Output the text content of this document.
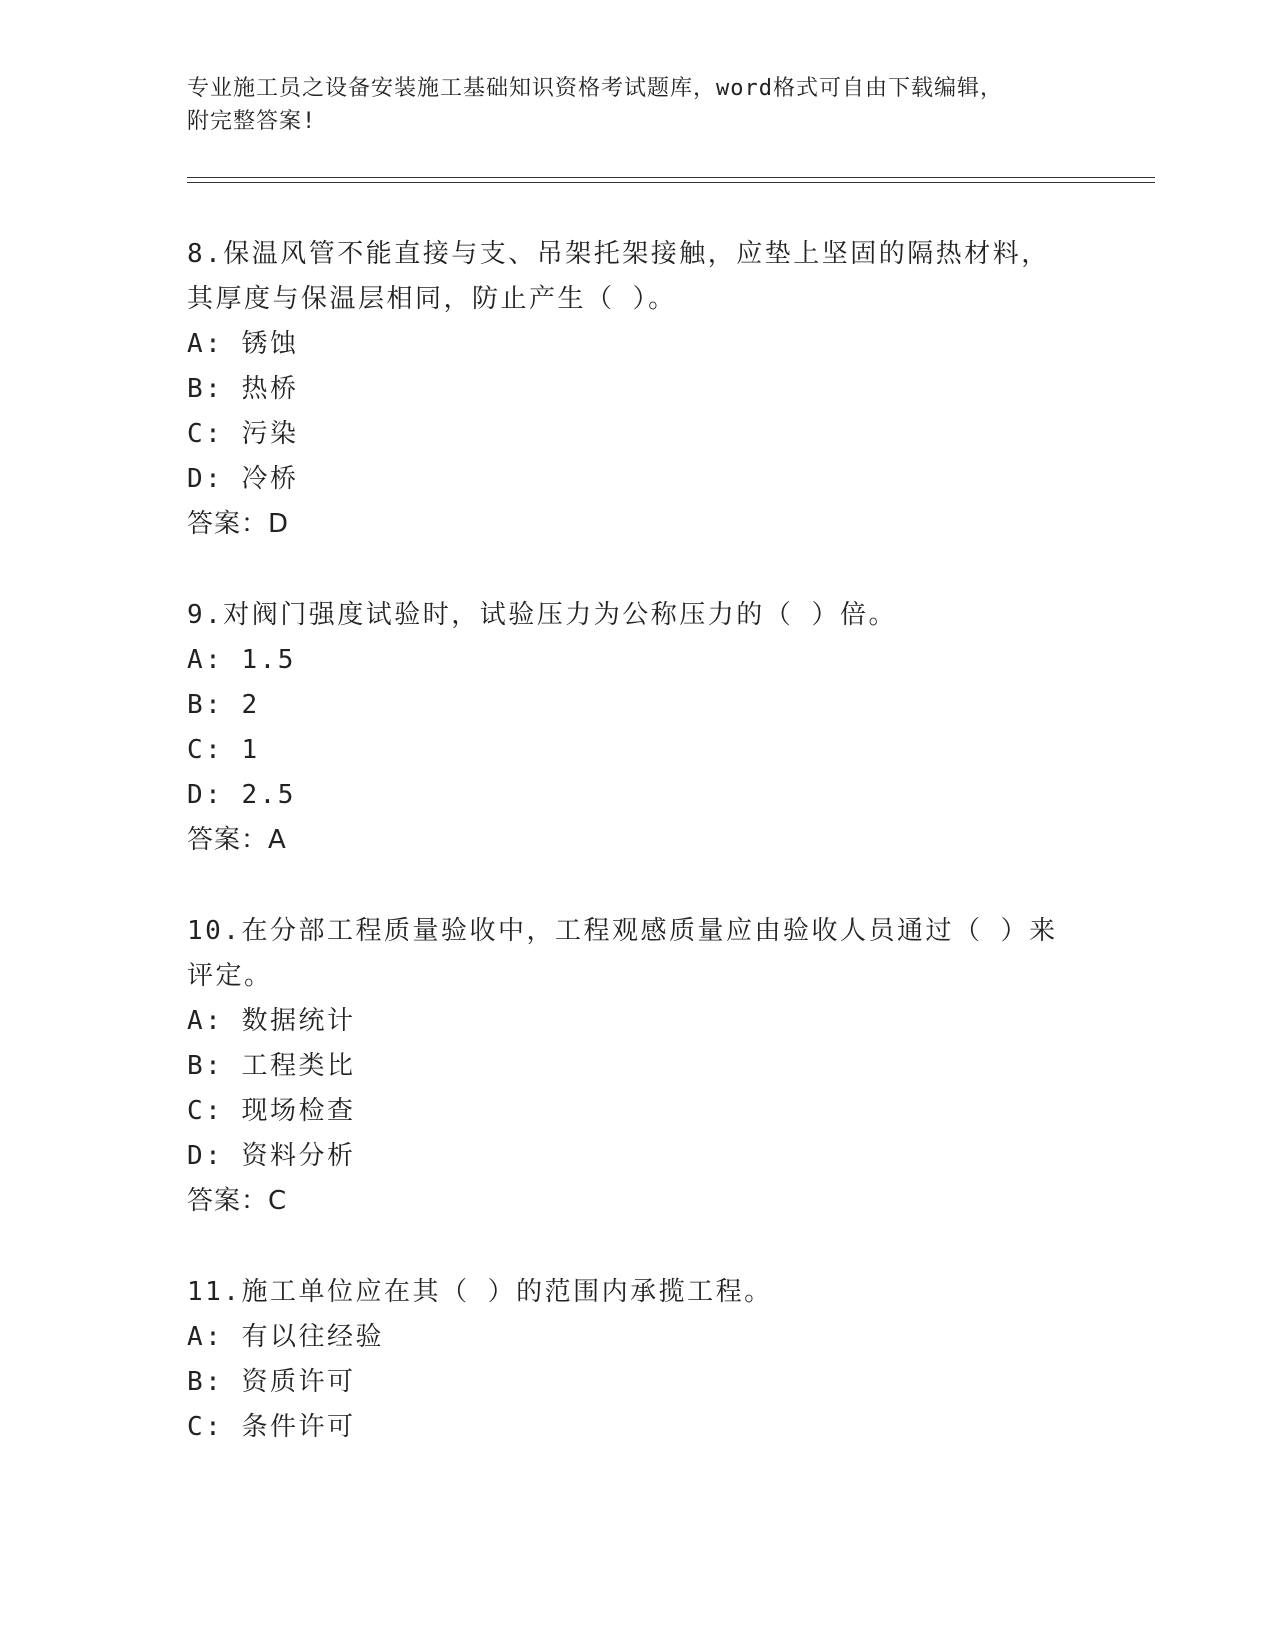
专业施工员之设备安装施工基础知识资格考试题库，word格式可自由下载编辑，
附完整答案!
8.保温风管不能直接与支、吊架托架接触，应垫上坚固的隔热材料，
其厚度与保温层相同，防止产生（ ）。
A: 锈蚀
B: 热桥
C: 污染
D: 冷桥
答案：D
9.对阀门强度试验时，试验压力为公称压力的（ ）倍。
A: 1.5
B: 2
C: 1
D: 2.5
答案：A
10.在分部工程质量验收中，工程观感质量应由验收人员通过（ ）来
评定。
A: 数据统计
B: 工程类比
C: 现场检查
D: 资料分析
答案：C
11.施工单位应在其（ ）的范围内承揽工程。
A: 有以往经验
B: 资质许可
C: 条件许可
